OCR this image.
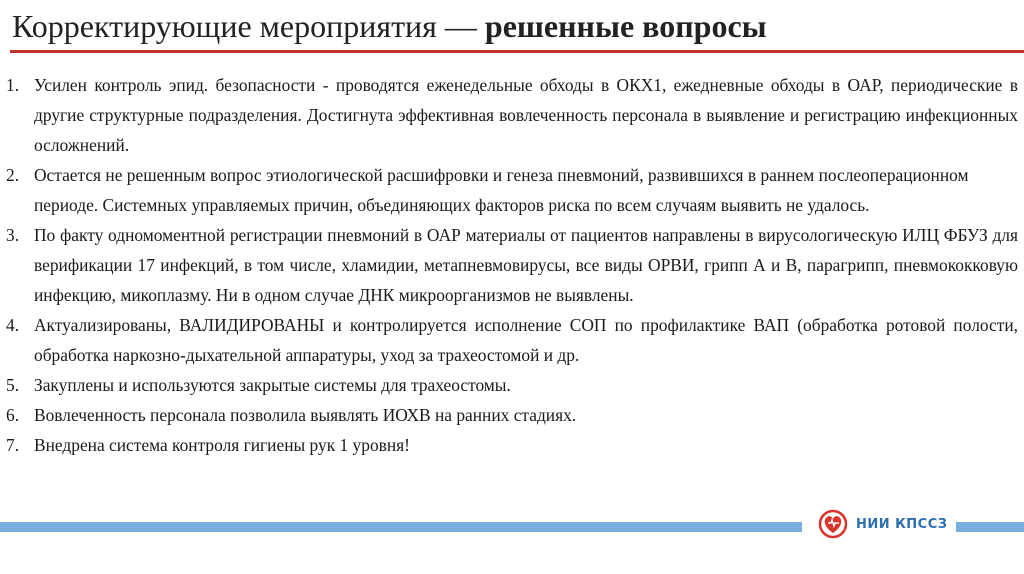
Корректирующие мероприятия — решенные вопросы
1. Усилен контроль эпид. безопасности - проводятся еженедельные обходы в ОКХ1, ежедневные обходы в ОАР, периодические в другие структурные подразделения. Достигнута эффективная вовлеченность персонала в выявление и регистрацию инфекционных осложнений.
2. Остается не решенным вопрос этиологической расшифровки и генеза пневмоний, развившихся в раннем послеоперационном периоде. Системных управляемых причин, объединяющих факторов риска по всем случаям выявить не удалось.
3. По факту одномоментной регистрации пневмоний в ОАР материалы от пациентов направлены в вирусологическую ИЛЦ ФБУЗ для верификации 17 инфекций, в том числе, хламидии, метапневмовирусы, все виды ОРВИ, грипп А и В, парагрипп, пневмококковую инфекцию, микоплазму. Ни в одном случае ДНК микроорганизмов не выявлены.
4. Актуализированы, ВАЛИДИРОВАНЫ и контролируется исполнение СОП по профилактике ВАП (обработка ротовой полости, обработка наркозно-дыхательной аппаратуры, уход за трахеостомой и др.
5. Закуплены и используются закрытые системы для трахеостомы.
6. Вовлеченность персонала позволила выявлять ИОХВ на ранних стадиях.
7. Внедрена система контроля гигиены рук 1 уровня!
НИИ КПССЗ
